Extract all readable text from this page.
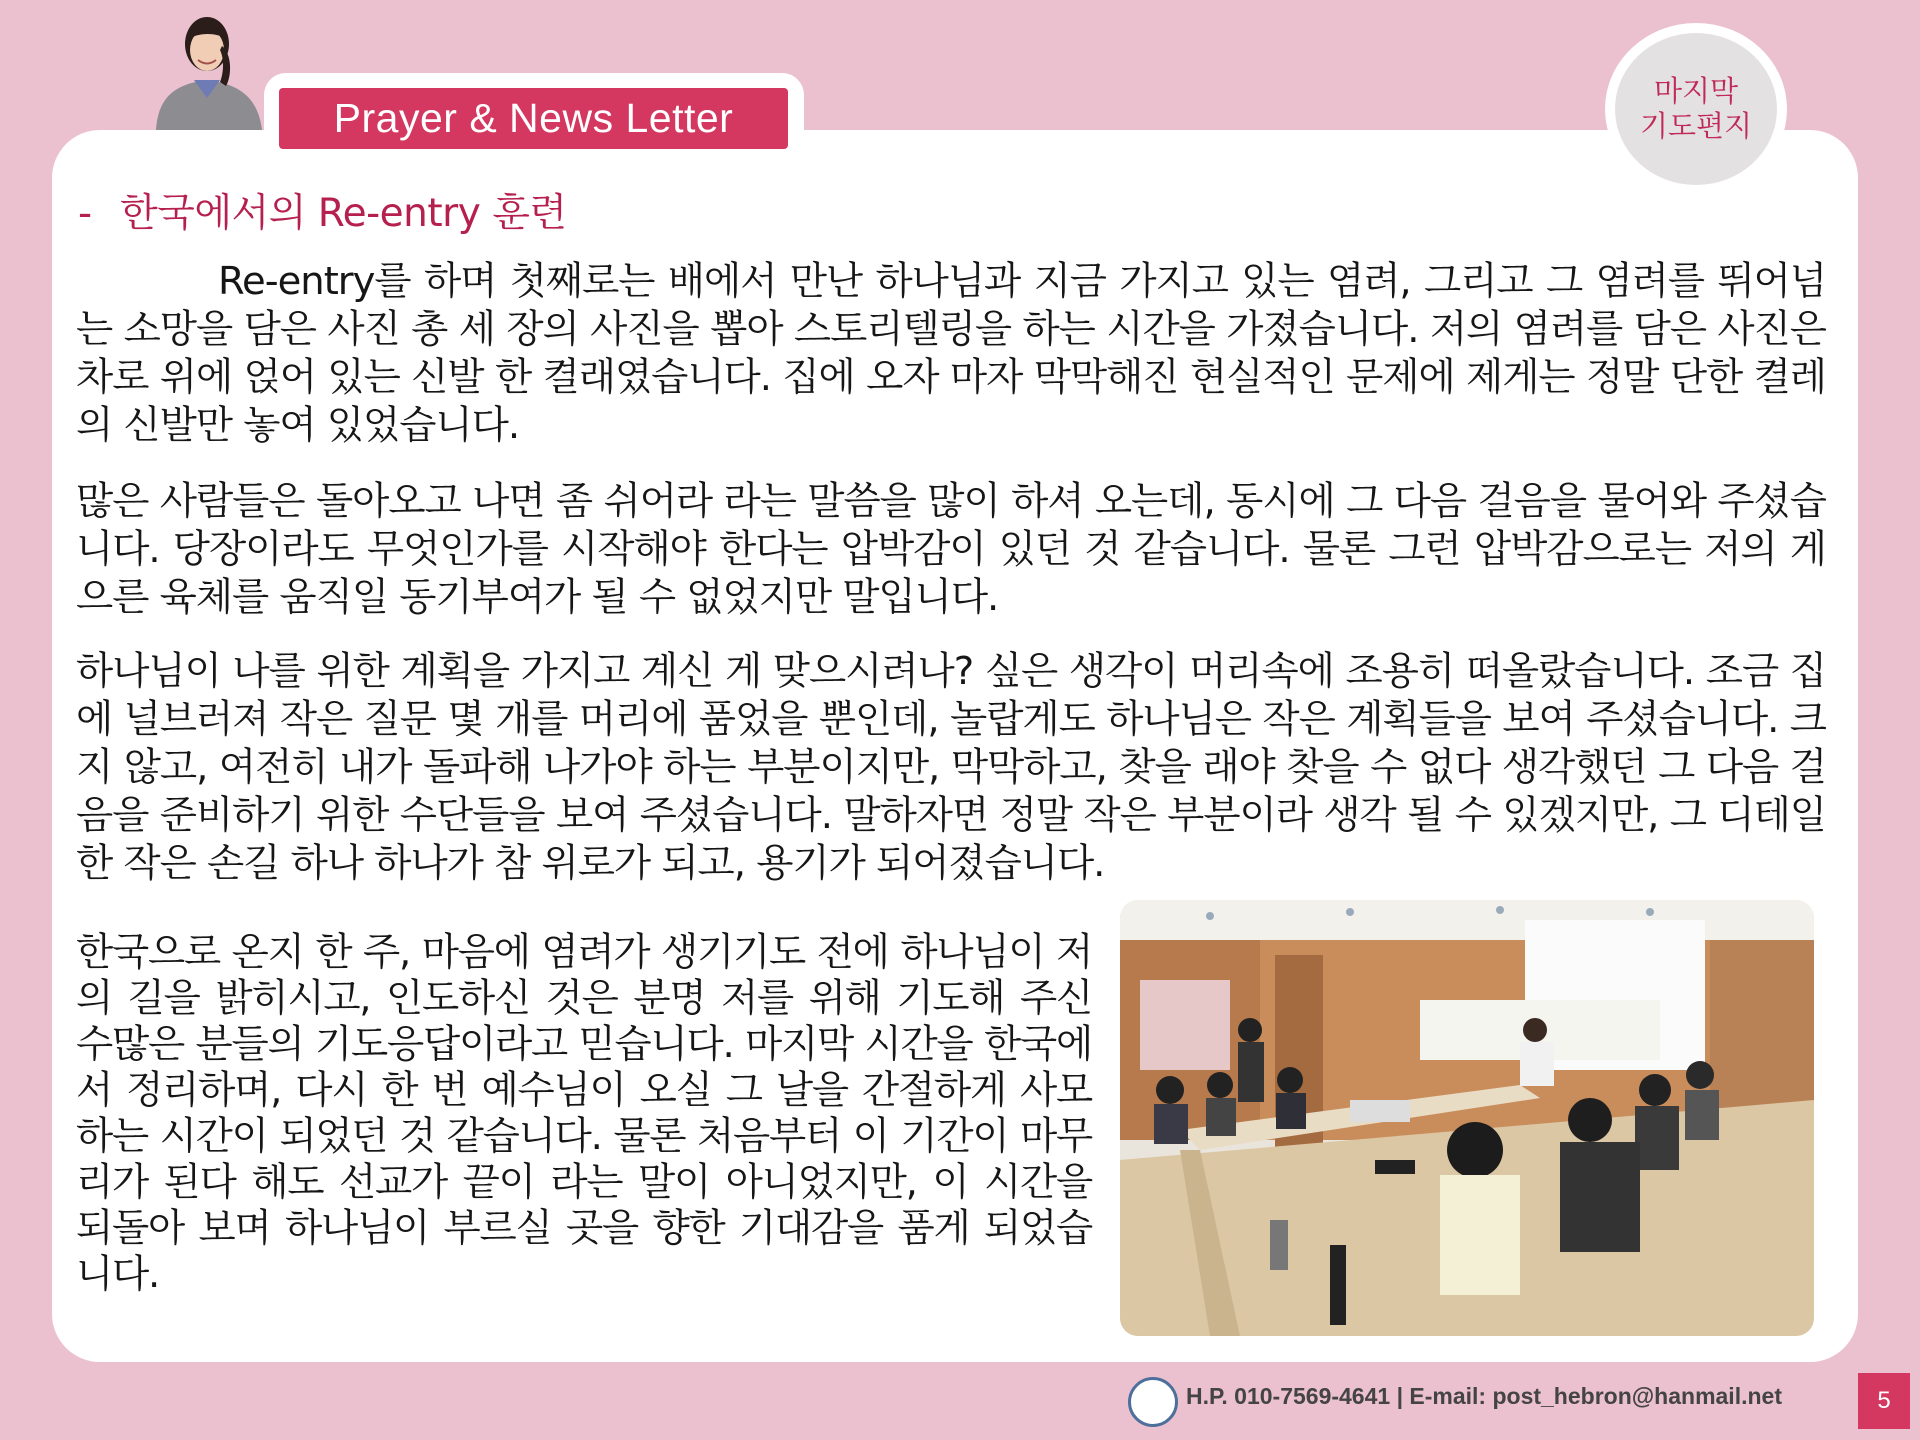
Prayer & News Letter
마지막
기도편지
- 한국에서의 Re-entry 훈련

Re-entry를 하며 첫째로는 배에서 만난 하나님과 지금 가지고 있는 염려, 그리고 그 염려를 뛰어넘는 소망을 담은 사진 총 세 장의 사진을 뽑아 스토리텔링을 하는 시간을 가졌습니다. 저의 염려를 담은 사진은 차로 위에 얹어 있는 신발 한 켤래였습니다. 집에 오자 마자 막막해진 현실적인 문제에 제게는 정말 단한 켤레의 신발만 놓여 있었습니다.

많은 사람들은 돌아오고 나면 좀 쉬어라 라는 말씀을 많이 하셔 오는데, 동시에 그 다음 걸음을 물어와 주셨습니다. 당장이라도 무엇인가를 시작해야 한다는 압박감이 있던 것 같습니다. 물론 그런 압박감으로는 저의 게으른 육체를 움직일 동기부여가 될 수 없었지만 말입니다.

하나님이 나를 위한 계획을 가지고 계신 게 맞으시려나? 싶은 생각이 머리속에 조용히 떠올랐습니다. 조금 집에 널브러져 작은 질문 몇 개를 머리에 품었을 뿐인데, 놀랍게도 하나님은 작은 계획들을 보여 주셨습니다. 크지 않고, 여전히 내가 돌파해 나가야 하는 부분이지만, 막막하고, 찾을 래야 찾을 수 없다 생각했던 그 다음 걸음을 준비하기 위한 수단들을 보여 주셨습니다. 말하자면 정말 작은 부분이라 생각 될 수 있겠지만, 그 디테일한 작은 손길 하나 하나가 참 위로가 되고, 용기가 되어졌습니다.

한국으로 온지 한 주, 마음에 염려가 생기기도 전에 하나님이 저의 길을 밝히시고, 인도하신 것은 분명 저를 위해 기도해 주신 수많은 분들의 기도응답이라고 믿습니다. 마지막 시간을 한국에서 정리하며, 다시 한 번 예수님이 오실 그 날을 간절하게 사모하는 시간이 되었던 것 같습니다. 물론 처음부터 이 기간이 마무리가 된다 해도 선교가 끝이 라는 말이 아니었지만, 이 시간을 되돌아 보며 하나님이 부르실 곳을 향한 기대감을 품게 되었습니다.

H.P. 010-7569-4641 | E-mail: post_hebron@hanmail.net	5
